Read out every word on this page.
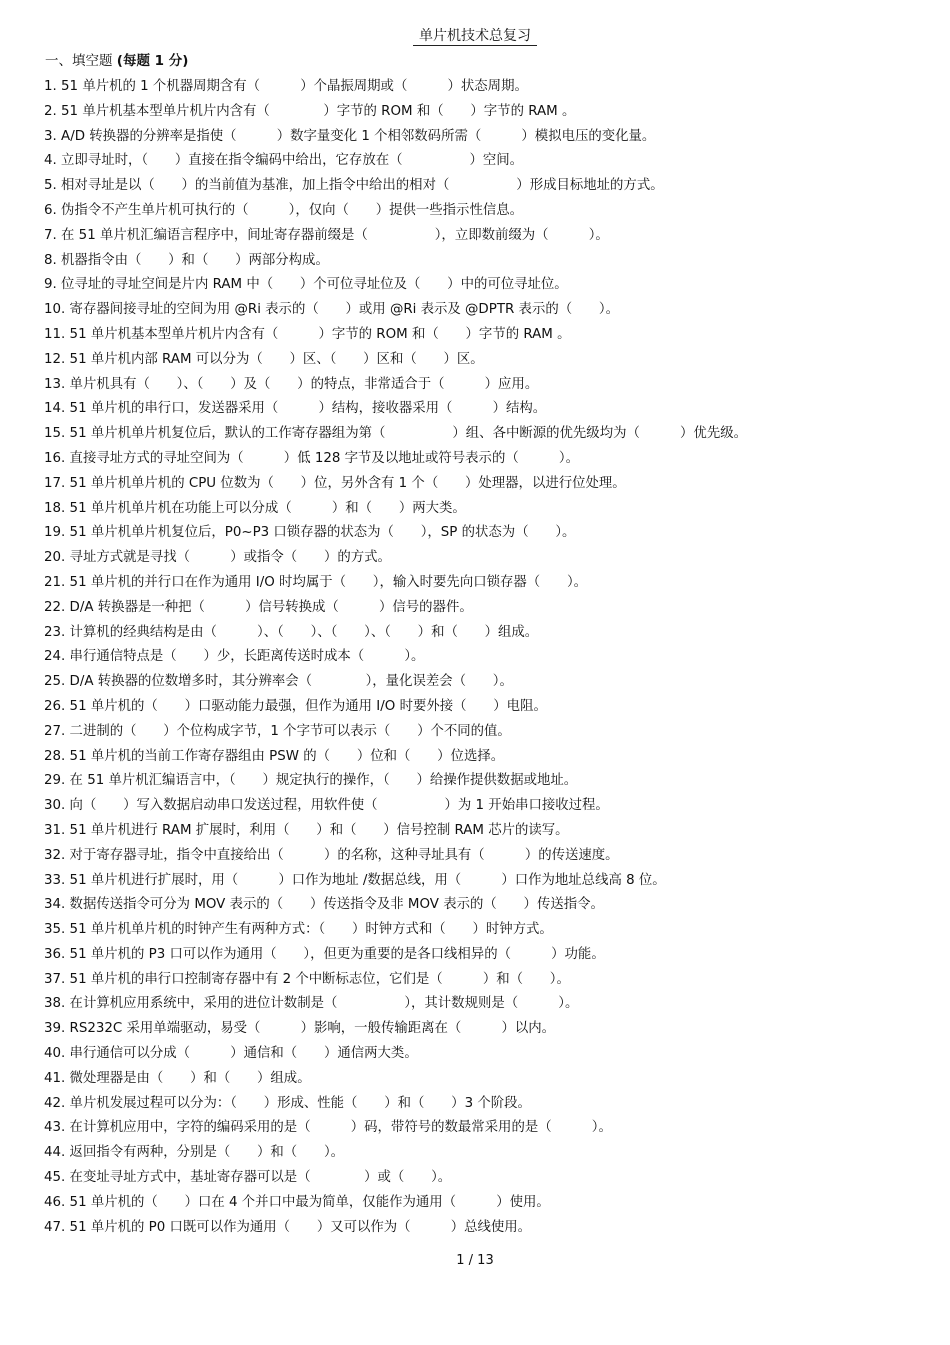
单片机技术总复习
一、填空题 (每题 1 分)
1. 51 单片机的 1 个机器周期含有（　　　）个晶振周期或（　　　）状态周期。
2. 51 单片机基本型单片机片内含有（　　　　）字节的 ROM 和（　　）字节的 RAM 。
3. A/D 转换器的分辨率是指使（　　　）数字量变化 1 个相邻数码所需（　　　）模拟电压的变化量。
4. 立即寻址时，（　　）直接在指令编码中给出，它存放在（　　　　　）空间。
5. 相对寻址是以（　　）的当前值为基准，加上指令中给出的相对（　　　　　）形成目标地址的方式。
6. 伪指令不产生单片机可执行的（　　　），仅向（　　）提供一些指示性信息。
7. 在 51 单片机汇编语言程序中，间址寄存器前缀是（　　　　　），立即数前缀为（　　　）。
8. 机器指令由（　　）和（　　）两部分构成。
9. 位寻址的寻址空间是片内 RAM 中（　　）个可位寻址位及（　　）中的可位寻址位。
10. 寄存器间接寻址的空间为用 @Ri 表示的（　　）或用 @Ri 表示及 @DPTR 表示的（　　）。
11. 51 单片机基本型单片机片内含有（　　　）字节的 ROM 和（　　）字节的 RAM 。
12. 51 单片机内部 RAM 可以分为（　　）区、（　　）区和（　　）区。
13. 单片机具有（　　）、（　　）及（　　）的特点，非常适合于（　　　）应用。
14. 51 单片机的串行口，发送器采用（　　　）结构，接收器采用（　　　）结构。
15. 51 单片机单片机复位后，默认的工作寄存器组为第（　　　　　）组、各中断源的优先级均为（　　　）优先级。
16. 直接寻址方式的寻址空间为（　　　）低 128 字节及以地址或符号表示的（　　　）。
17. 51 单片机单片机的 CPU 位数为（　　）位，另外含有 1 个（　　）处理器，以进行位处理。
18. 51 单片机单片机在功能上可以分成（　　　）和（　　）两大类。
19. 51 单片机单片机复位后，P0~P3 口锁存器的状态为（　　），SP 的状态为（　　）。
20. 寻址方式就是寻找（　　　）或指令（　　）的方式。
21. 51 单片机的并行口在作为通用 I/O 时均属于（　　），输入时要先向口锁存器（　　）。
22. D/A 转换器是一种把（　　　）信号转换成（　　　）信号的器件。
23. 计算机的经典结构是由（　　　）、（　　）、（　　）、（　　）和（　　）组成。
24. 串行通信特点是（　　）少，长距离传送时成本（　　　）。
25. D/A 转换器的位数增多时，其分辨率会（　　　　），量化误差会（　　）。
26. 51 单片机的（　　）口驱动能力最强，但作为通用 I/O 时要外接（　　）电阻。
27. 二进制的（　　）个位构成字节，1 个字节可以表示（　　）个不同的值。
28. 51 单片机的当前工作寄存器组由 PSW 的（　　）位和（　　）位选择。
29. 在 51 单片机汇编语言中，（　　）规定执行的操作，（　　）给操作提供数据或地址。
30. 向（　　）写入数据启动串口发送过程，用软件使（　　　　　）为 1 开始串口接收过程。
31. 51 单片机进行 RAM 扩展时，利用（　　）和（　　）信号控制 RAM 芯片的读写。
32. 对于寄存器寻址，指令中直接给出（　　　）的名称，这种寻址具有（　　　）的传送速度。
33. 51 单片机进行扩展时，用（　　　）口作为地址 /数据总线，用（　　　）口作为地址总线高 8 位。
34. 数据传送指令可分为 MOV 表示的（　　）传送指令及非 MOV 表示的（　　）传送指令。
35. 51 单片机单片机的时钟产生有两种方式：（　　）时钟方式和（　　）时钟方式。
36. 51 单片机的 P3 口可以作为通用（　　），但更为重要的是各口线相异的（　　　）功能。
37. 51 单片机的串行口控制寄存器中有 2 个中断标志位，它们是（　　　）和（　　）。
38. 在计算机应用系统中，采用的进位计数制是（　　　　　），其计数规则是（　　　）。
39. RS232C 采用单端驱动，易受（　　　）影响，一般传输距离在（　　　）以内。
40. 串行通信可以分成（　　　）通信和（　　）通信两大类。
41. 微处理器是由（　　）和（　　）组成。
42. 单片机发展过程可以分为：（　　）形成、性能（　　）和（　　）3 个阶段。
43. 在计算机应用中，字符的编码采用的是（　　　）码，带符号的数最常采用的是（　　　）。
44. 返回指令有两种，分别是（　　）和（　　）。
45. 在变址寻址方式中，基址寄存器可以是（　　　　）或（　　）。
46. 51 单片机的（　　）口在 4 个并口中最为简单，仅能作为通用（　　　）使用。
47. 51 单片机的 P0 口既可以作为通用（　　）又可以作为（　　　）总线使用。
1 / 13
